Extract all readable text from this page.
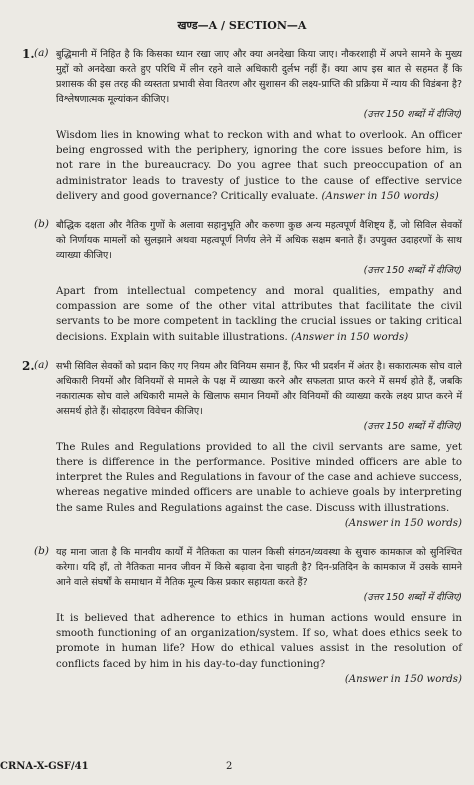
खण्ड—A / SECTION—A
1. (a) बुद्धिमानी में निहित है कि किसका ध्यान रखा जाए और क्या अनदेखा किया जाए। नौकरशाही में अपने सामने के मुख्य मुद्दों को अनदेखा करते हुए परिधि में लीन रहने वाले अधिकारी दुर्लभ नहीं हैं। क्या आप इस बात से सहमत हैं कि प्रशासक की इस तरह की व्यस्तता प्रभावी सेवा वितरण और सुशासन की लक्ष्य-प्राप्ति की प्रक्रिया में न्याय की विडंबना है? विश्लेषणात्मक मूल्यांकन कीजिए।
(उत्तर 150 शब्दों में दीजिए)

Wisdom lies in knowing what to reckon with and what to overlook. An officer being engrossed with the periphery, ignoring the core issues before him, is not rare in the bureaucracy. Do you agree that such preoccupation of an administrator leads to travesty of justice to the cause of effective service delivery and good governance? Critically evaluate. (Answer in 150 words)

(b) बौद्धिक दक्षता और नैतिक गुणों के अलावा सहानुभूति और करुणा कुछ अन्य महत्वपूर्ण वैशिष्ट्य हैं, जो सिविल सेवकों को निर्णायक मामलों को सुलझाने अथवा महत्वपूर्ण निर्णय लेने में अधिक सक्षम बनाते हैं। उपयुक्त उदाहरणों के साथ व्याख्या कीजिए।
(उत्तर 150 शब्दों में दीजिए)

Apart from intellectual competency and moral qualities, empathy and compassion are some of the other vital attributes that facilitate the civil servants to be more competent in tackling the crucial issues or taking critical decisions. Explain with suitable illustrations. (Answer in 150 words)

2. (a) सभी सिविल सेवकों को प्रदान किए गए नियम और विनियम समान हैं, फिर भी प्रदर्शन में अंतर है। सकारात्मक सोच वाले अधिकारी नियमों और विनियमों से मामले के पक्ष में व्याख्या करने और सफलता प्राप्त करने में समर्थ होते हैं, जबकि नकारात्मक सोच वाले अधिकारी मामले के खिलाफ समान नियमों और विनियमों की व्याख्या करके लक्ष्य प्राप्त करने में असमर्थ होते हैं। सोदाहरण विवेचन कीजिए।
(उत्तर 150 शब्दों में दीजिए)

The Rules and Regulations provided to all the civil servants are same, yet there is difference in the performance. Positive minded officers are able to interpret the Rules and Regulations in favour of the case and achieve success, whereas negative minded officers are unable to achieve goals by interpreting the same Rules and Regulations against the case. Discuss with illustrations.
(Answer in 150 words)

(b) यह माना जाता है कि मानवीय कार्यों में नैतिकता का पालन किसी संगठन/व्यवस्था के सुचारु कामकाज को सुनिश्चित करेगा। यदि हाँ, तो नैतिकता मानव जीवन में किसे बढ़ावा देना चाहती है? दिन-प्रतिदिन के कामकाज में उसके सामने आने वाले संघर्षों के समाधान में नैतिक मूल्य किस प्रकार सहायता करते हैं?
(उत्तर 150 शब्दों में दीजिए)

It is believed that adherence to ethics in human actions would ensure in smooth functioning of an organization/system. If so, what does ethics seek to promote in human life? How do ethical values assist in the resolution of conflicts faced by him in his day-to-day functioning?
(Answer in 150 words)

CRNA-X-GSF/41	2
